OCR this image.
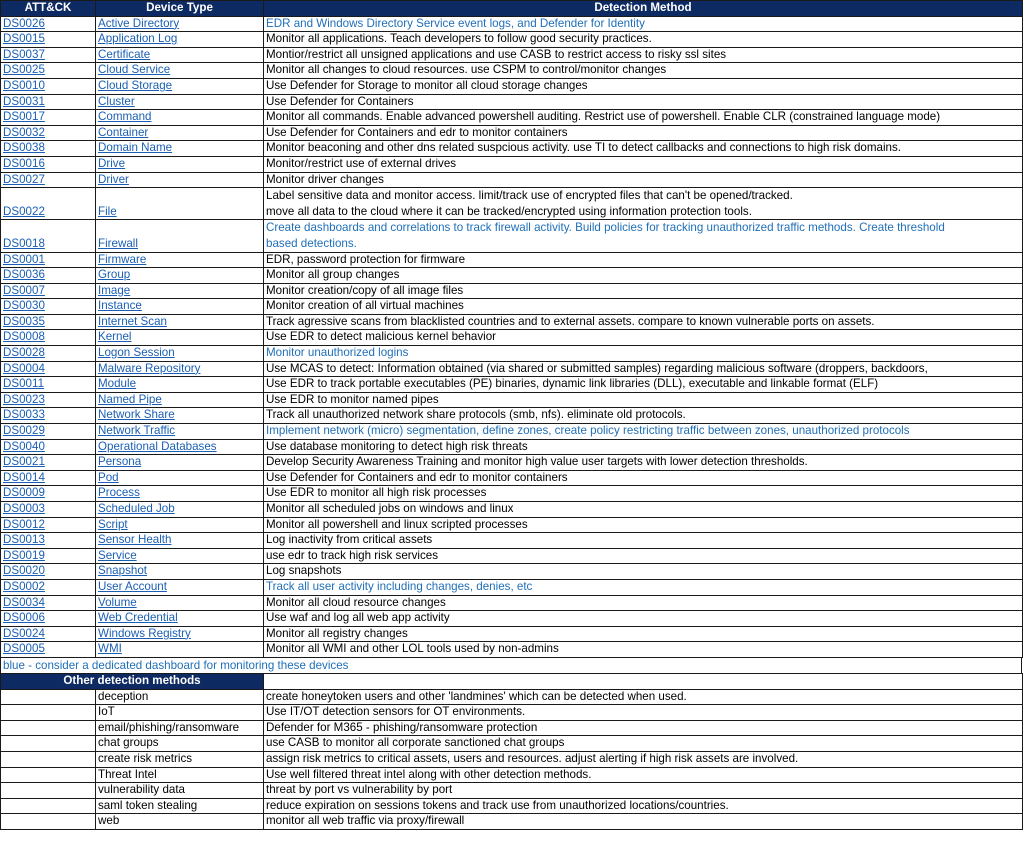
ATT&CK	Device Type	Detection Method
DS0026	Active Directory	EDR and Windows Directory Service event logs, and Defender for Identity
DS0015	Application Log	Monitor all applications. Teach developers to follow good security practices.
DS0037	Certificate	Montior/restrict all unsigned applications and use CASB to restrict access to risky ssl sites
DS0025	Cloud Service	Monitor all changes to cloud resources. use CSPM to control/monitor changes
DS0010	Cloud Storage	Use Defender for Storage to monitor all cloud storage changes
DS0031	Cluster	Use Defender for Containers
DS0017	Command	Monitor all commands. Enable advanced powershell auditing. Restrict use of powershell. Enable CLR (constrained language mode)
DS0032	Container	Use Defender for Containers and edr to monitor containers
DS0038	Domain Name	Monitor beaconing and other dns related suspcious activity. use TI to detect callbacks and connections to high risk domains.
DS0016	Drive	Monitor/restrict use of external drives
DS0027	Driver	Monitor driver changes
DS0022	File	Label sensitive data and monitor access. limit/track use of encrypted files that can't be opened/tracked.
move all data to the cloud where it can be tracked/encrypted using information protection tools.

DS0018	Firewall	Create dashboards and correlations to track firewall activity. Build policies for tracking unauthorized traffic methods. Create threshold
based detections.

DS0001	Firmware	EDR, password protection for firmware
DS0036	Group	Monitor all group changes
DS0007	Image	Monitor creation/copy of all image files
DS0030	Instance	Monitor creation of all virtual machines
DS0035	Internet Scan	Track agressive scans from blacklisted countries and to external assets. compare to known vulnerable ports on assets.
DS0008	Kernel	Use EDR to detect malicious kernel behavior
DS0028	Logon Session	Monitor unauthorized logins
DS0004	Malware Repository	Use MCAS to detect: Information obtained (via shared or submitted samples) regarding malicious software (droppers, backdoors,
DS0011	Module	Use EDR to track portable executables (PE) binaries, dynamic link libraries (DLL), executable and linkable format (ELF)
DS0023	Named Pipe	Use EDR to monitor named pipes
DS0033	Network Share	Track all unauthorized network share protocols (smb, nfs). eliminate old protocols.
DS0029	Network Traffic	Implement network (micro) segmentation, define zones, create policy restricting traffic between zones, unauthorized protocols
DS0040	Operational Databases	Use database monitoring to detect high risk threats
DS0021	Persona	Develop Security Awareness Training and monitor high value user targets with lower detection thresholds.
DS0014	Pod	Use Defender for Containers and edr to monitor containers
DS0009	Process	Use EDR to monitor all high risk processes
DS0003	Scheduled Job	Monitor all scheduled jobs on windows and linux
DS0012	Script	Monitor all powershell and linux scripted processes
DS0013	Sensor Health	Log inactivity from critical assets
DS0019	Service	use edr to track high risk services
DS0020	Snapshot	Log snapshots
DS0002	User Account	Track all user activity including changes, denies, etc
DS0034	Volume	Monitor all cloud resource changes
DS0006	Web Credential	Use waf and log all web app activity
DS0024	Windows Registry	Monitor all registry changes
DS0005	WMI	Monitor all WMI and other LOL tools used by non-admins
blue - consider a dedicated dashboard for monitoring these devices
Other detection methods		
	deception	create honeytoken users and other 'landmines' which can be detected when used.
	IoT	Use IT/OT detection sensors for OT environments.
	email/phishing/ransomware	Defender for M365 - phishing/ransomware protection
	chat groups	use CASB to monitor all corporate sanctioned chat groups
	create risk metrics	assign risk metrics to critical assets, users and resources. adjust alerting if high risk assets are involved.
	Threat Intel	Use well filtered threat intel along with other detection methods.
	vulnerability data	threat by port vs vulnerability by port
	saml token stealing	reduce expiration on sessions tokens and track use from unauthorized locations/countries.
	web	monitor all web traffic via proxy/firewall
